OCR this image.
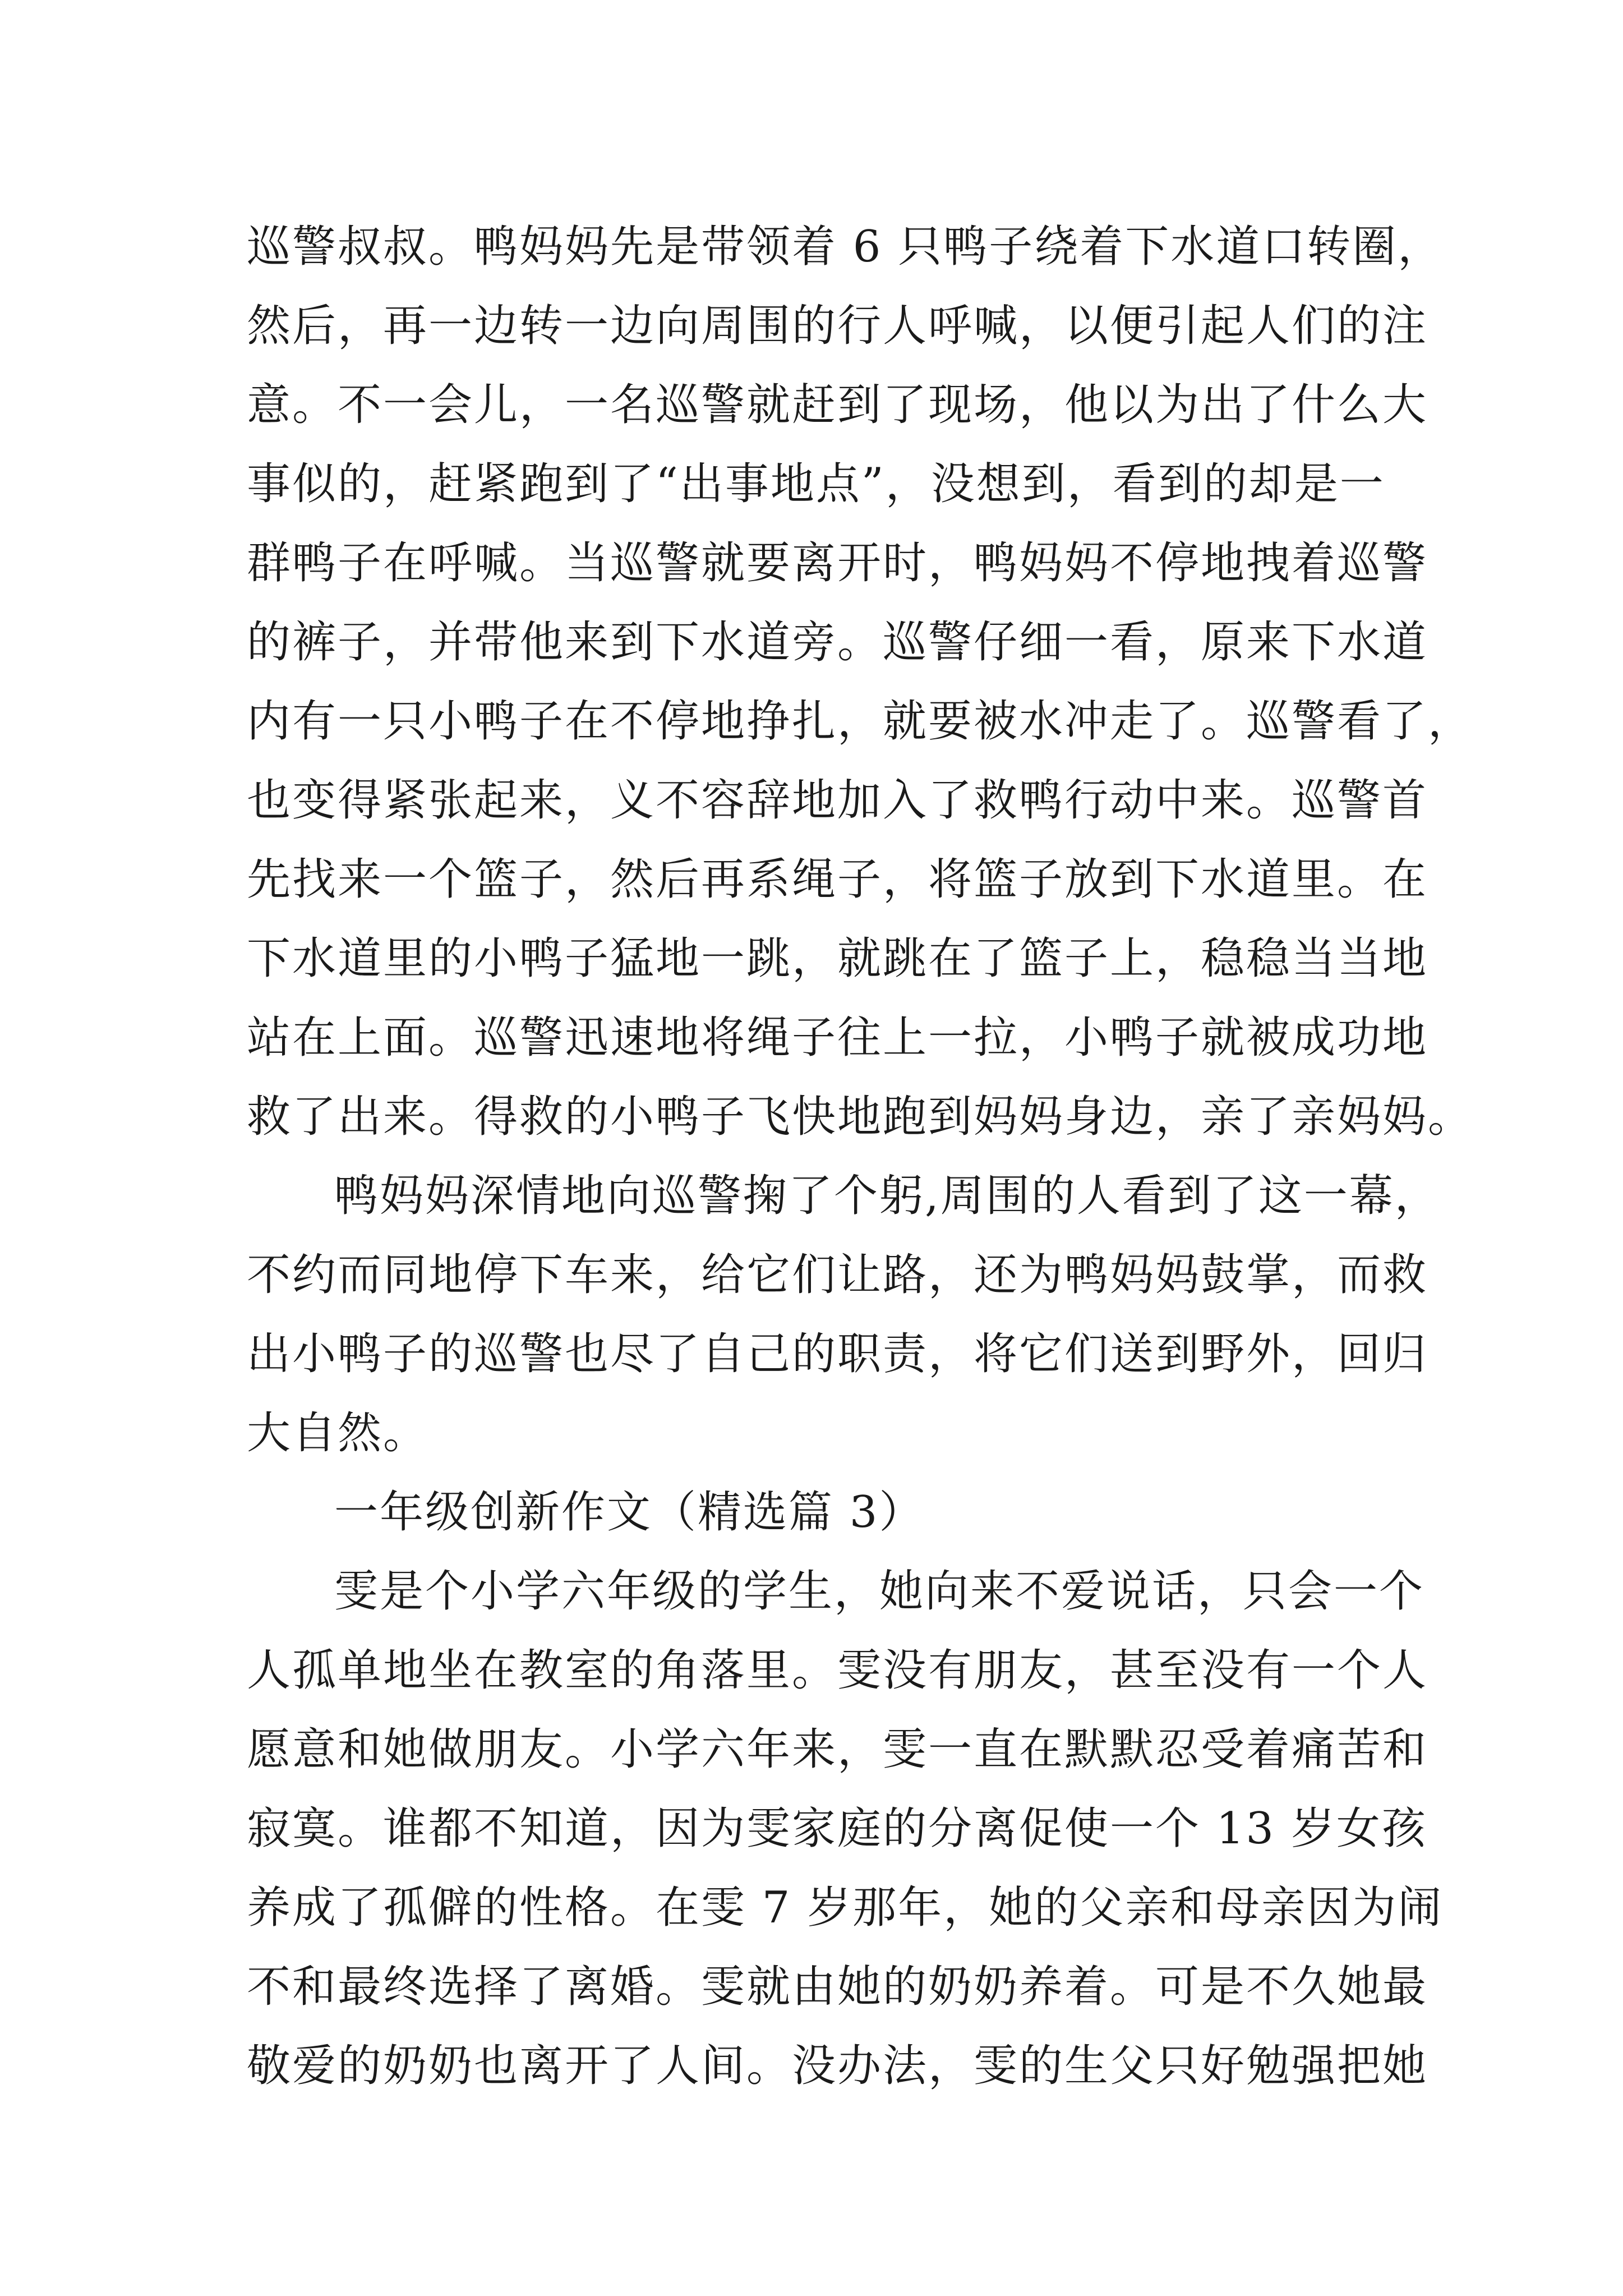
巡警叔叔。鸭妈妈先是带领着 6 只鸭子绕着下水道口转圈，
然后，再一边转一边向周围的行人呼喊，以便引起人们的注
意。不一会儿，一名巡警就赶到了现场，他以为出了什么大
事似的，赶紧跑到了“出事地点”，没想到，看到的却是一
群鸭子在呼喊。当巡警就要离开时，鸭妈妈不停地拽着巡警
的裤子，并带他来到下水道旁。巡警仔细一看，原来下水道
内有一只小鸭子在不停地挣扎，就要被水冲走了。巡警看了，
也变得紧张起来，义不容辞地加入了救鸭行动中来。巡警首
先找来一个篮子，然后再系绳子，将篮子放到下水道里。在
下水道里的小鸭子猛地一跳，就跳在了篮子上，稳稳当当地
站在上面。巡警迅速地将绳子往上一拉，小鸭子就被成功地
救了出来。得救的小鸭子飞快地跑到妈妈身边，亲了亲妈妈。
鸭妈妈深情地向巡警掬了个躬,周围的人看到了这一幕，
不约而同地停下车来，给它们让路，还为鸭妈妈鼓掌，而救
出小鸭子的巡警也尽了自己的职责，将它们送到野外，回归
大自然。
一年级创新作文（精选篇 3）
雯是个小学六年级的学生，她向来不爱说话，只会一个
人孤单地坐在教室的角落里。雯没有朋友，甚至没有一个人
愿意和她做朋友。小学六年来，雯一直在默默忍受着痛苦和
寂寞。谁都不知道，因为雯家庭的分离促使一个 13 岁女孩
养成了孤僻的性格。在雯 7 岁那年，她的父亲和母亲因为闹
不和最终选择了离婚。雯就由她的奶奶养着。可是不久她最
敬爱的奶奶也离开了人间。没办法，雯的生父只好勉强把她
